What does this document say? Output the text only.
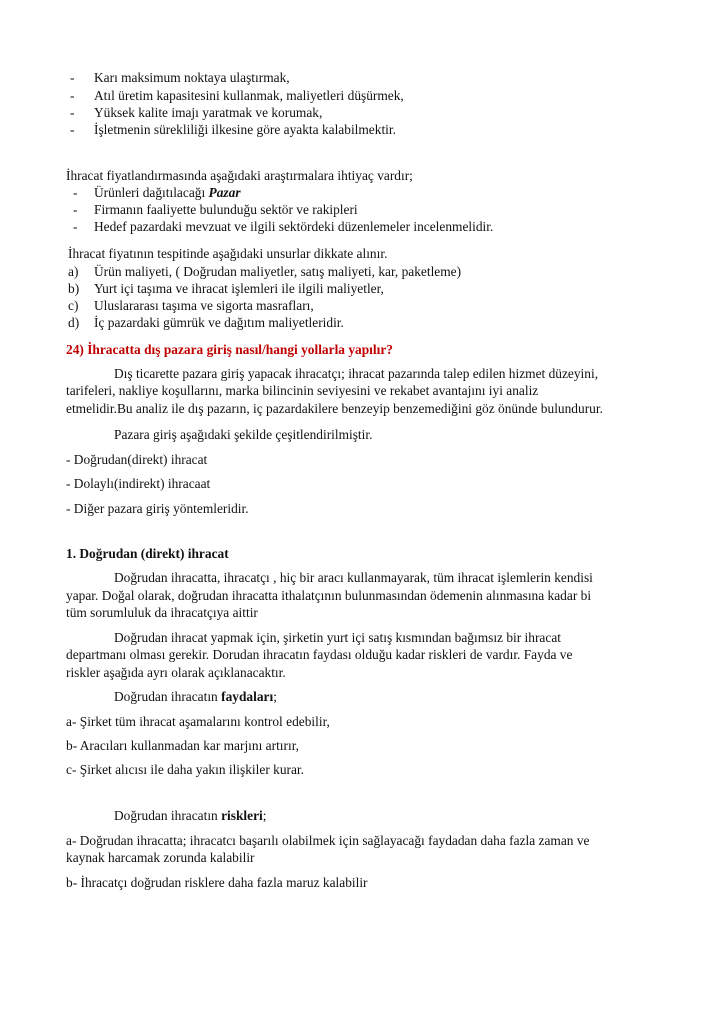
- Karı maksimum noktaya ulaştırmak,
- Atıl üretim kapasitesini kullanmak, maliyetleri düşürmek,
- Yüksek kalite imajı yaratmak ve korumak,
- İşletmenin sürekliliği ilkesine göre ayakta kalabilmektir.
İhracat fiyatlandırmasında aşağıdaki araştırmalara ihtiyaç vardır;
- Ürünleri dağıtılacağı Pazar
- Firmanın faaliyette bulunduğu sektör ve rakipleri
- Hedef pazardaki mevzuat ve ilgili sektördeki düzenlemeler incelenmelidir.
İhracat fiyatının tespitinde aşağıdaki unsurlar dikkate alınır.
a) Ürün maliyeti, ( Doğrudan maliyetler, satış maliyeti, kar, paketleme)
b) Yurt içi taşıma ve ihracat işlemleri ile ilgili maliyetler,
c) Uluslararası taşıma ve sigorta masrafları,
d) İç pazardaki gümrük ve dağıtım maliyetleridir.
24) İhracatta dış pazara giriş nasıl/hangi yollarla yapılır?
Dış ticarette pazara giriş yapacak ihracatçı; ihracat pazarında talep edilen hizmet düzeyini,
tarifeleri, nakliye koşullarını, marka bilincinin seviyesini ve rekabet avantajını iyi analiz
etmelidir.Bu analiz ile dış pazarın, iç pazardakilere benzeyip benzemediğini göz önünde bulundurur.
Pazara giriş aşağıdaki şekilde çeşitlendirilmiştir.
- Doğrudan(direkt) ihracat
- Dolaylı(indirekt) ihracaat
- Diğer pazara giriş yöntemleridir.
1. Doğrudan (direkt) ihracat
Doğrudan ihracatta, ihracatçı , hiç bir aracı kullanmayarak, tüm ihracat işlemlerin kendisi
yapar. Doğal olarak, doğrudan ihracatta ithalatçının bulunmasından ödemenin alınmasına kadar bi
tüm sorumluluk da ihracatçıya aittir
Doğrudan ihracat yapmak için, şirketin yurt içi satış kısmından bağımsız bir ihracat
departmanı olması gerekir. Dorudan ihracatın faydası olduğu kadar riskleri de vardır. Fayda ve
riskler aşağıda ayrı olarak açıklanacaktır.
Doğrudan ihracatın faydaları;
a- Şirket tüm ihracat aşamalarını kontrol edebilir,
b- Aracıları kullanmadan kar marjını artırır,
c- Şirket alıcısı ile daha yakın ilişkiler kurar.
Doğrudan ihracatın riskleri;
a- Doğrudan ihracatta; ihracatcı başarılı olabilmek için sağlayacağı faydadan daha fazla zaman ve
kaynak harcamak zorunda kalabilir
b- İhracatçı doğrudan risklere daha fazla maruz kalabilir
